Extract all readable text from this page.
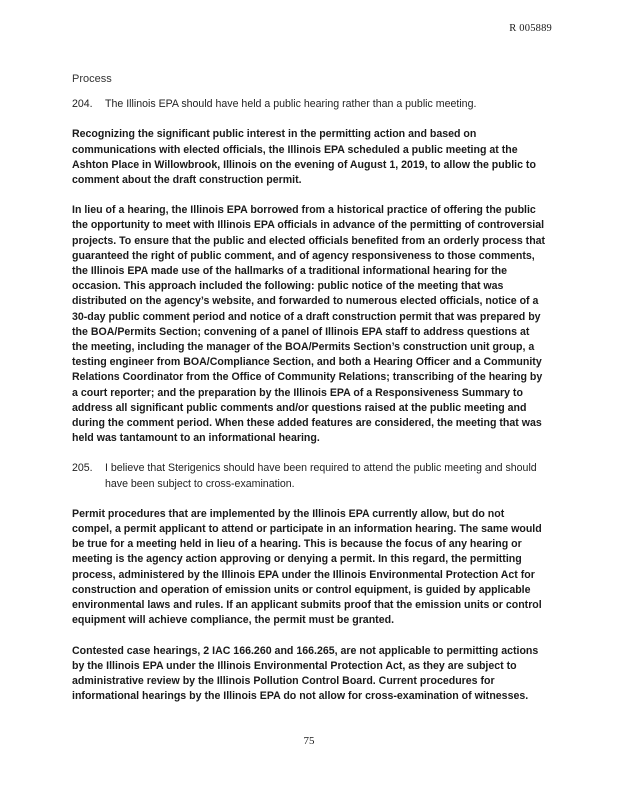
R 005889

Process

204.	The Illinois EPA should have held a public hearing rather than a public meeting.

Recognizing the significant public interest in the permitting action and based on communications with elected officials, the Illinois EPA scheduled a public meeting at the Ashton Place in Willowbrook, Illinois on the evening of August 1, 2019, to allow the public to comment about the draft construction permit.

In lieu of a hearing, the Illinois EPA borrowed from a historical practice of offering the public the opportunity to meet with Illinois EPA officials in advance of the permitting of controversial projects. To ensure that the public and elected officials benefited from an orderly process that guaranteed the right of public comment, and of agency responsiveness to those comments, the Illinois EPA made use of the hallmarks of a traditional informational hearing for the occasion. This approach included the following: public notice of the meeting that was distributed on the agency’s website, and forwarded to numerous elected officials, notice of a 30-day public comment period and notice of a draft construction permit that was prepared by the BOA/Permits Section; convening of a panel of Illinois EPA staff to address questions at the meeting, including the manager of the BOA/Permits Section’s construction unit group, a testing engineer from BOA/Compliance Section, and both a Hearing Officer and a Community Relations Coordinator from the Office of Community Relations; transcribing of the hearing by a court reporter; and the preparation by the Illinois EPA of a Responsiveness Summary to address all significant public comments and/or questions raised at the public meeting and during the comment period. When these added features are considered, the meeting that was held was tantamount to an informational hearing.

205.	I believe that Sterigenics should have been required to attend the public meeting and should have been subject to cross-examination.

Permit procedures that are implemented by the Illinois EPA currently allow, but do not compel, a permit applicant to attend or participate in an information hearing. The same would be true for a meeting held in lieu of a hearing. This is because the focus of any hearing or meeting is the agency action approving or denying a permit. In this regard, the permitting process, administered by the Illinois EPA under the Illinois Environmental Protection Act for construction and operation of emission units or control equipment, is guided by applicable environmental laws and rules. If an applicant submits proof that the emission units or control equipment will achieve compliance, the permit must be granted.

Contested case hearings, 2 IAC 166.260 and 166.265, are not applicable to permitting actions by the Illinois EPA under the Illinois Environmental Protection Act, as they are subject to administrative review by the Illinois Pollution Control Board. Current procedures for informational hearings by the Illinois EPA do not allow for cross-examination of witnesses.

75
